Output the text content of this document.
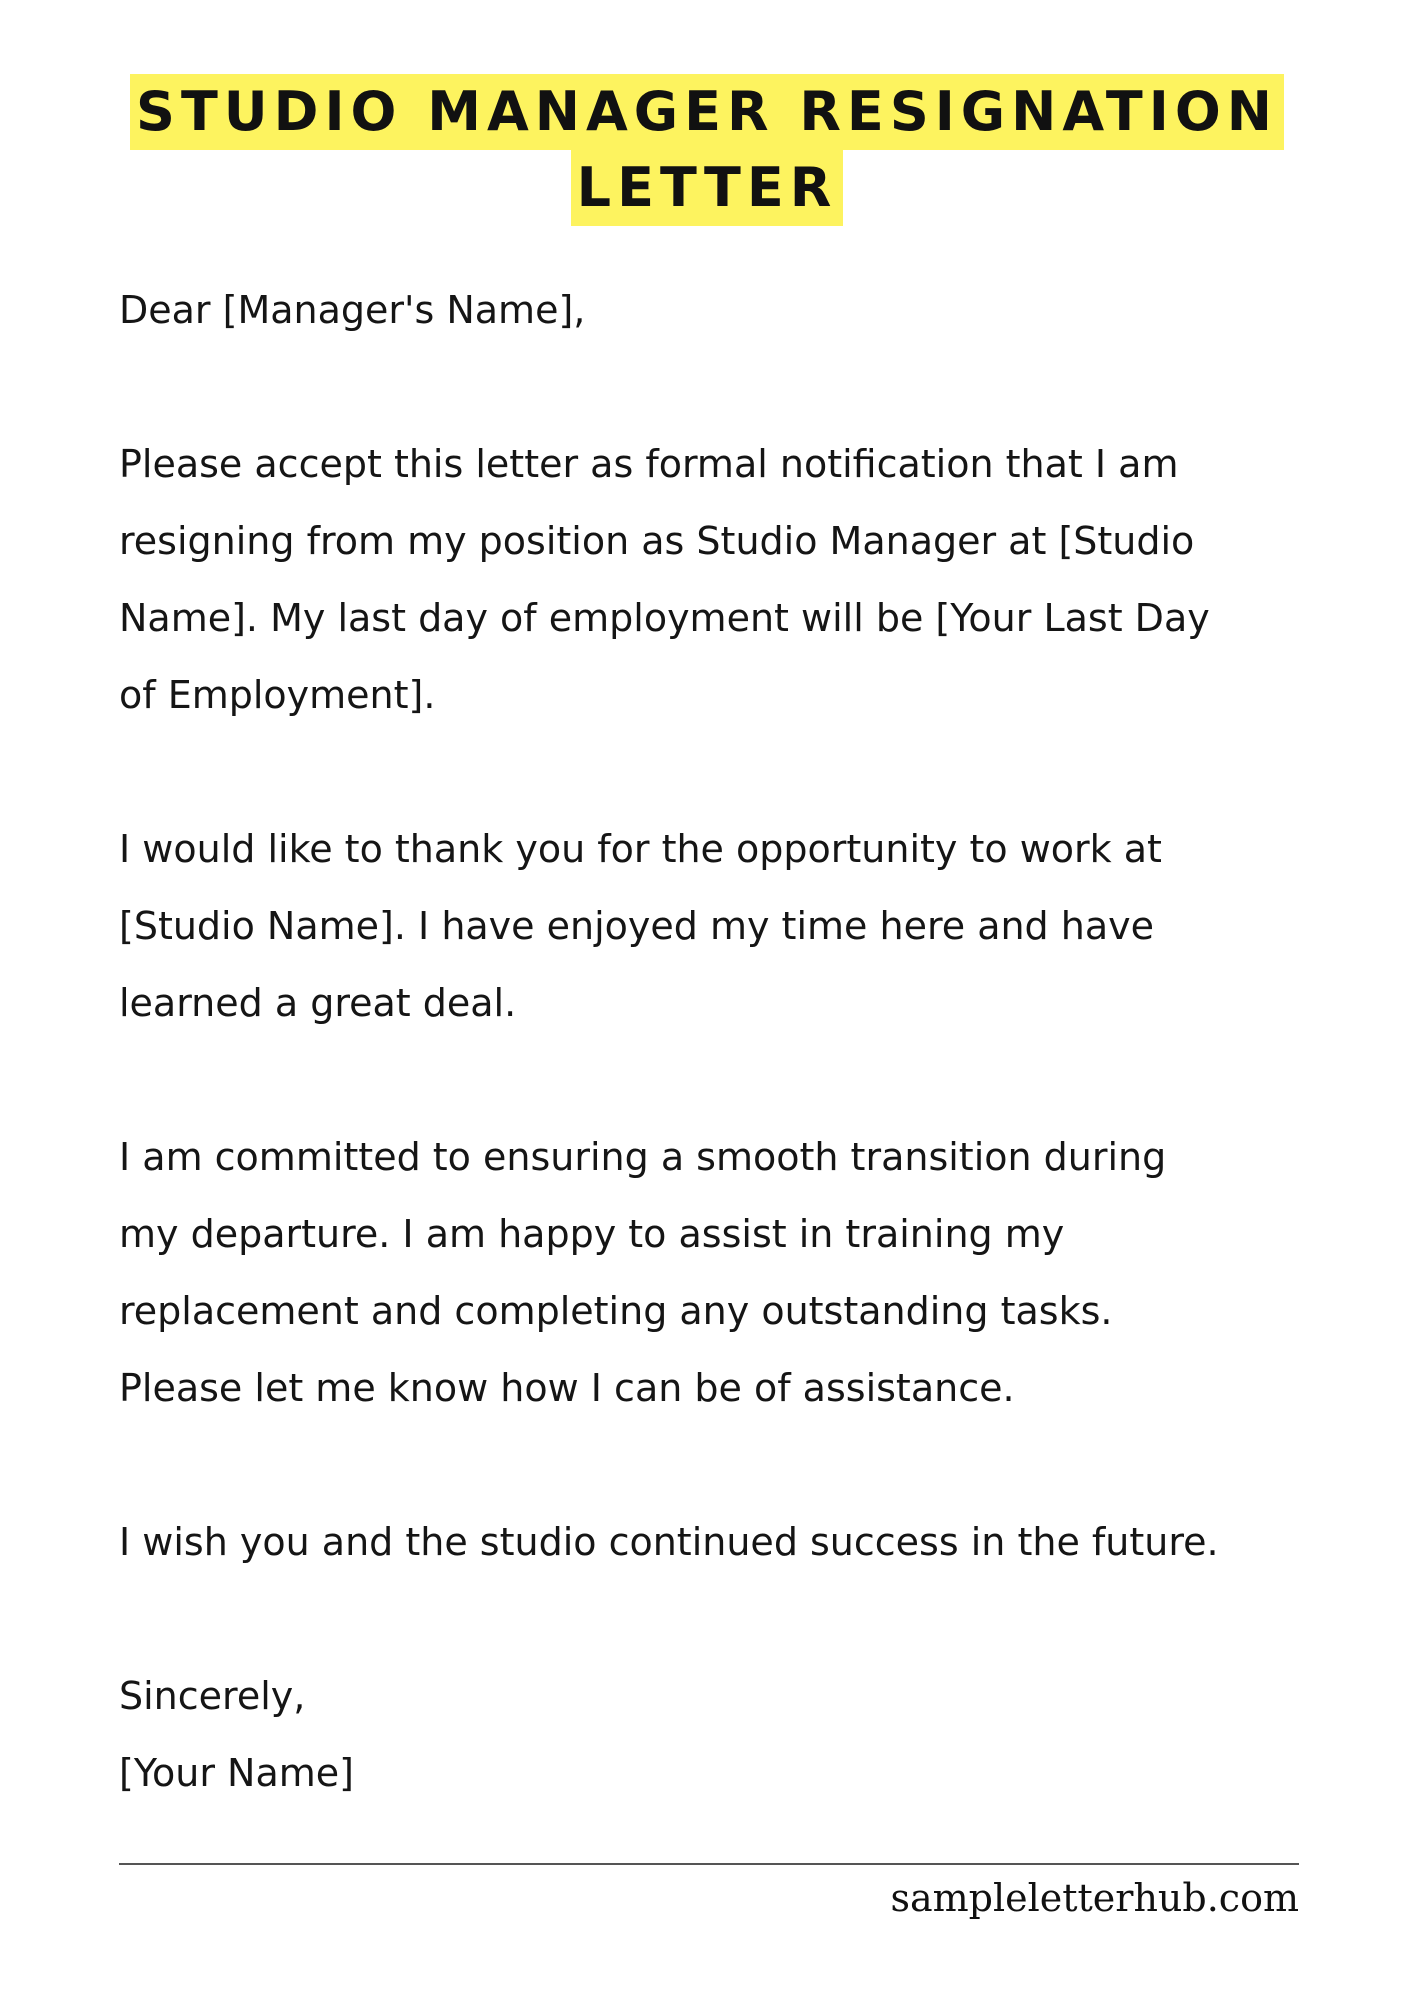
STUDIO MANAGER RESIGNATION
LETTER

Dear [Manager's Name],

Please accept this letter as formal notification that I am
resigning from my position as Studio Manager at [Studio
Name]. My last day of employment will be [Your Last Day
of Employment].

I would like to thank you for the opportunity to work at
[Studio Name]. I have enjoyed my time here and have
learned a great deal.

I am committed to ensuring a smooth transition during
my departure. I am happy to assist in training my
replacement and completing any outstanding tasks.
Please let me know how I can be of assistance.

I wish you and the studio continued success in the future.

Sincerely,

[Your Name]

sampleletterhub.com
